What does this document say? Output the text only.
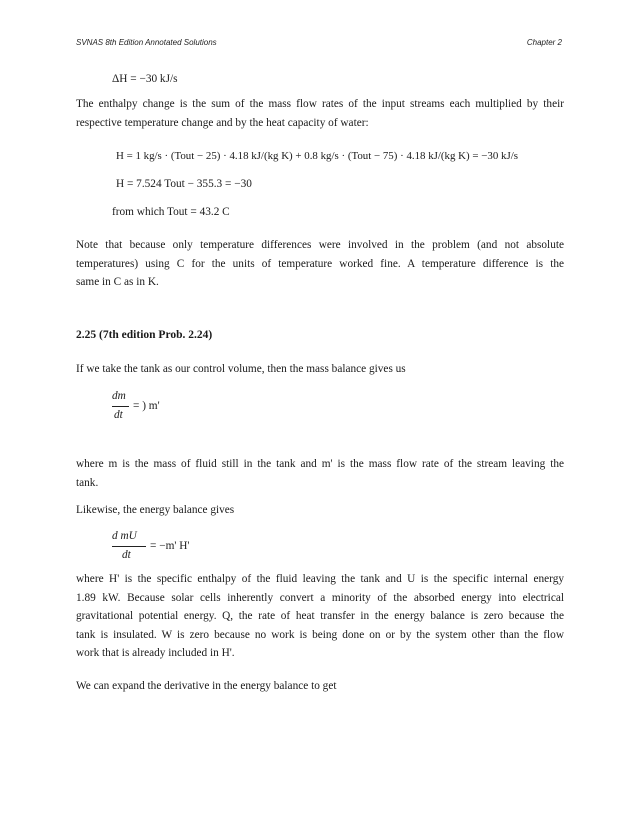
SVNAS 8th Edition Annotated Solutions	Chapter 2
ΔH = −30 kJ/s
The enthalpy change is the sum of the mass flow rates of the input streams each multiplied by their
respective temperature change and by the heat capacity of water:
H = 1 kg/s · (Tout − 25) · 4.18 kJ/(kg K) + 0.8 kg/s · (Tout − 75) · 4.18 kJ/(kg K) = −30 kJ/s
H = 7.524 Tout − 355.3 = −30
from which Tout = 43.2 C
Note that because only temperature differences were involved in the problem (and not absolute
temperatures) using C for the units of temperature worked fine. A temperature difference is the
same in C as in K.
2.25 (7th edition Prob. 2.24)
If we take the tank as our control volume, then the mass balance gives us
dm
dt
= ) m'
where m is the mass of fluid still in the tank and m' is the mass flow rate of the stream leaving the
tank.
Likewise, the energy balance gives
d mU
dt
= −m' H'
where H' is the specific enthalpy of the fluid leaving the tank and U is the specific internal energy
1.89 kW. Because solar cells inherently convert a minority of the absorbed energy into electrical
gravitational potential energy. Q, the rate of heat transfer in the energy balance is zero because the
tank is insulated. W is zero because no work is being done on or by the system other than the flow
work that is already included in H'.
We can expand the derivative in the energy balance to get
